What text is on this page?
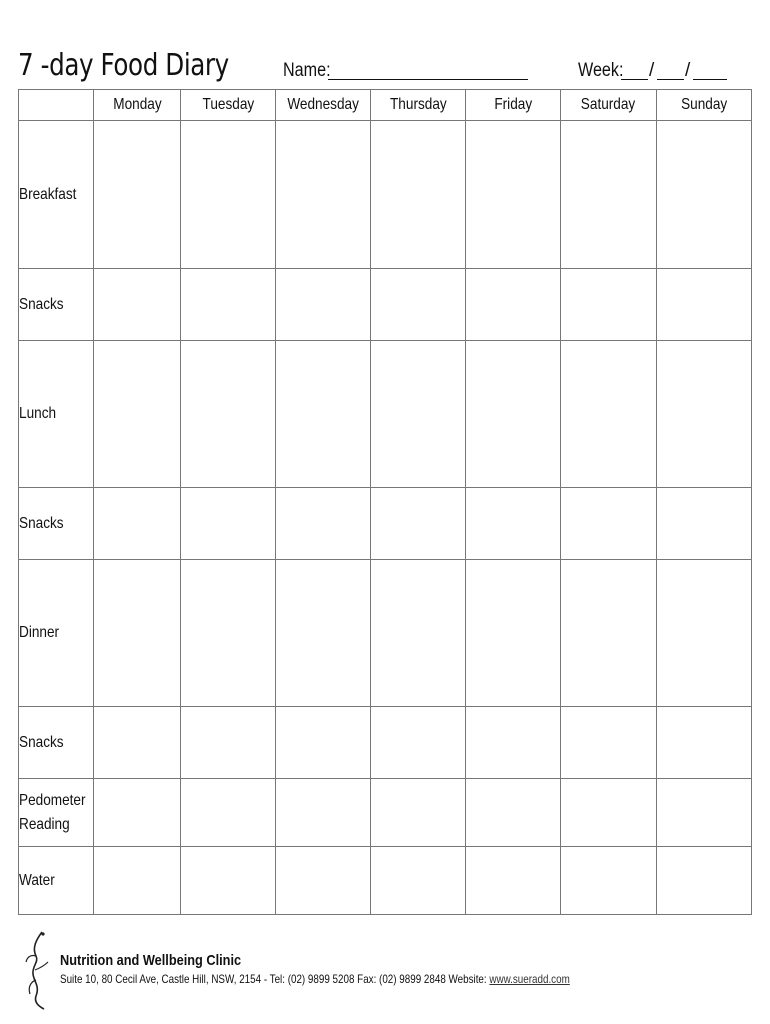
7 -day Food Diary	Name:	Week: / /
	Monday	Tuesday	Wednesday	Thursday	Friday	Saturday	Sunday
Breakfast							
Snacks							
Lunch							
Snacks							
Dinner							
Snacks							
Pedometer Reading							
Water							
Nutrition and Wellbeing Clinic
Suite 10, 80 Cecil Ave, Castle Hill, NSW, 2154 - Tel: (02) 9899 5208 Fax: (02) 9899 2848 Website: www.sueradd.com
